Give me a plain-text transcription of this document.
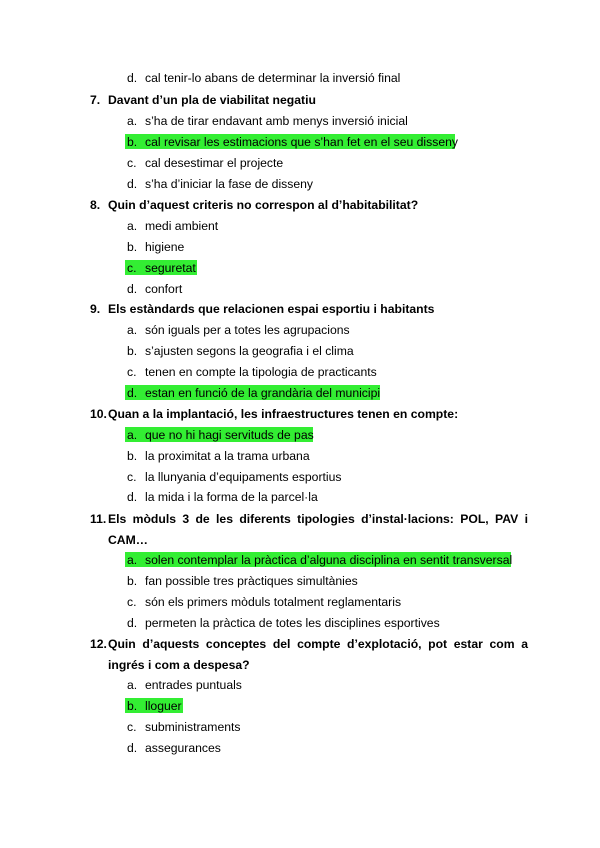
d. cal tenir-lo abans de determinar la inversió final
7. Davant d’un pla de viabilitat negatiu
a. s’ha de tirar endavant amb menys inversió inicial
b. cal revisar les estimacions que s’han fet en el seu disseny
c. cal desestimar el projecte
d. s’ha d’iniciar la fase de disseny
8. Quin d’aquest criteris no correspon al d’habitabilitat?
a. medi ambient
b. higiene
c. seguretat
d. confort
9. Els estàndards que relacionen espai esportiu i habitants
a. són iguals per a totes les agrupacions
b. s’ajusten segons la geografia i el clima
c. tenen en compte la tipologia de practicants
d. estan en funció de la grandària del municipi
10. Quan a la implantació, les infraestructures tenen en compte:
a. que no hi hagi servituds de pas
b. la proximitat a la trama urbana
c. la llunyania d’equipaments esportius
d. la mida i la forma de la parcel·la
11. Els mòduls 3 de les diferents tipologies d’instal·lacions: POL, PAV i
CAM…
a. solen contemplar la pràctica d’alguna disciplina en sentit transversal
b. fan possible tres pràctiques simultànies
c. són els primers mòduls totalment reglamentaris
d. permeten la pràctica de totes les disciplines esportives
12. Quin d’aquests conceptes del compte d’explotació, pot estar com a
ingrés i com a despesa?
a. entrades puntuals
b. lloguer
c. subministraments
d. assegurances
